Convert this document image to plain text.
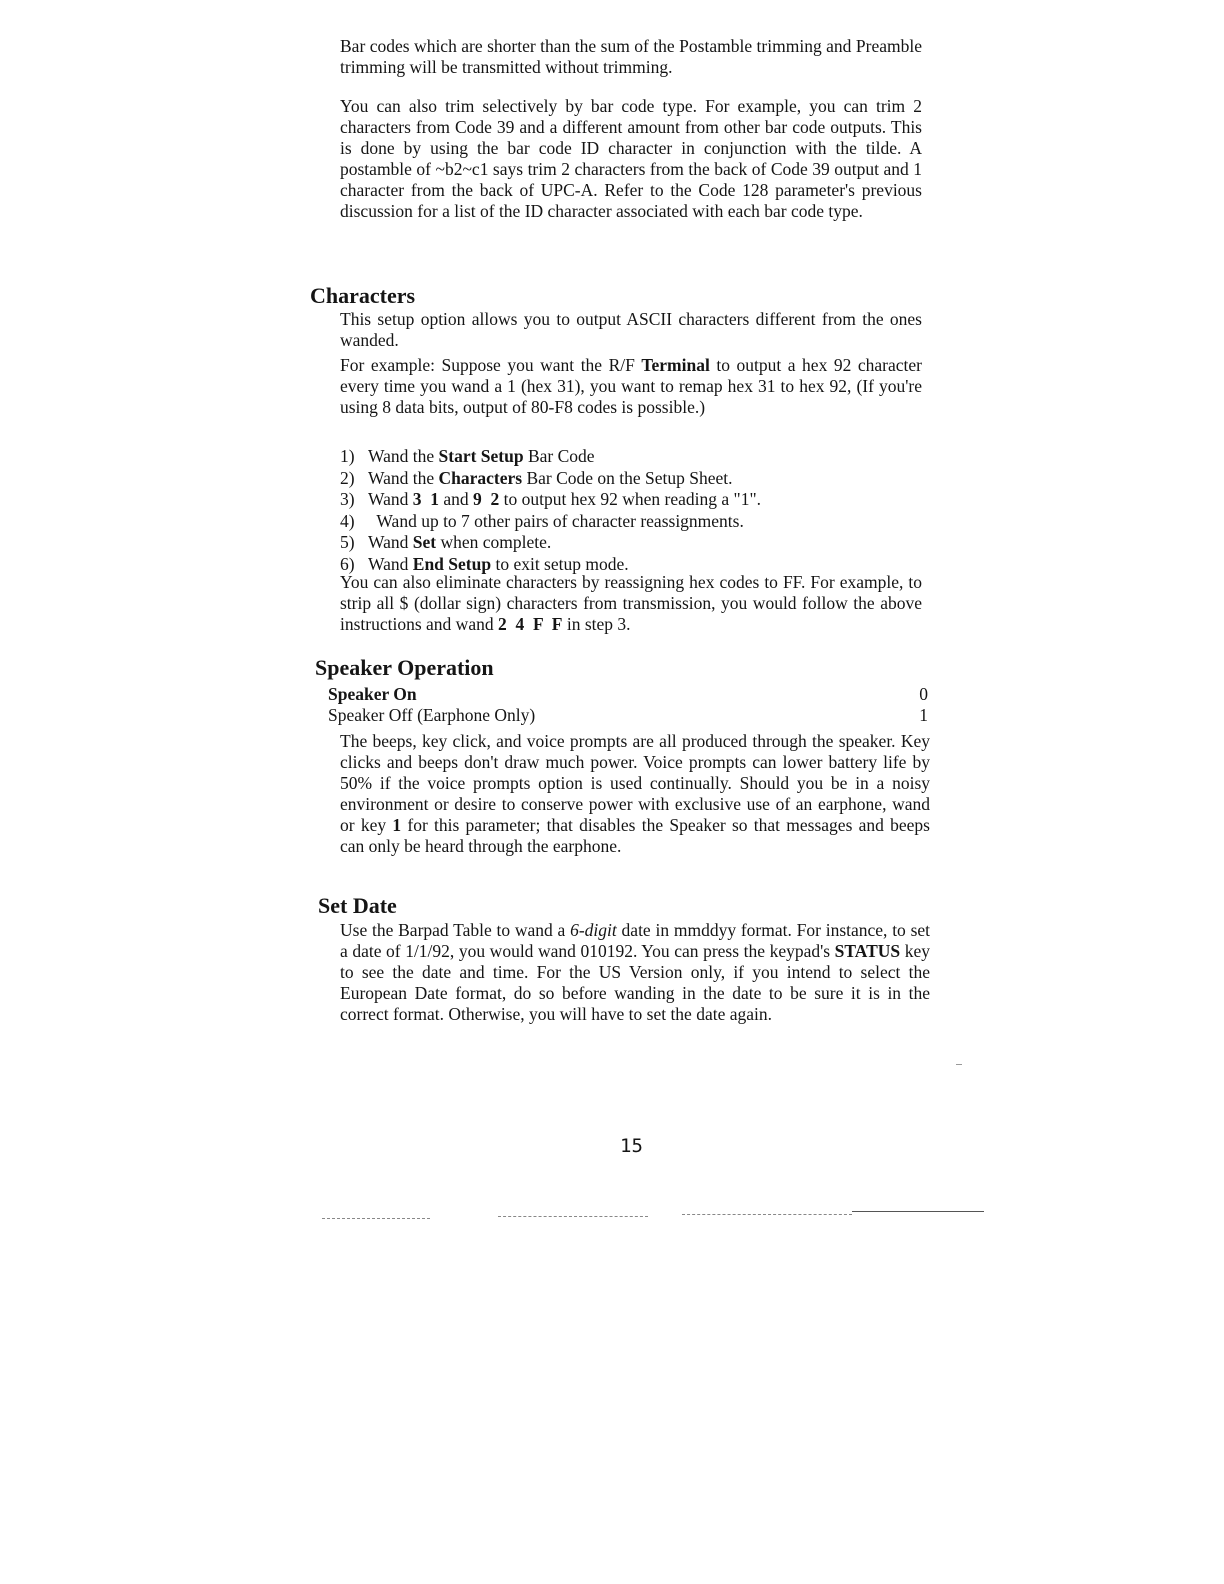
Bar codes which are shorter than the sum of the Postamble trimming and Preamble trimming will be transmitted without trimming.

You can also trim selectively by bar code type. For example, you can trim 2 characters from Code 39 and a different amount from other bar code outputs. This is done by using the bar code ID character in conjunction with the tilde. A postamble of ~b2~c1 says trim 2 characters from the back of Code 39 output and 1 character from the back of UPC-A. Refer to the Code 128 parameter's previous discussion for a list of the ID character associated with each bar code type.

Characters

This setup option allows you to output ASCII characters different from the ones wanded.

For example: Suppose you want the R/F Terminal to output a hex 92 character every time you wand a 1 (hex 31), you want to remap hex 31 to hex 92, (If you're using 8 data bits, output of 80-F8 codes is possible.)

1) Wand the Start Setup Bar Code
2) Wand the Characters Bar Code on the Setup Sheet.
3) Wand 3  1 and 9  2 to output hex 92 when reading a "1".
4)  Wand up to 7 other pairs of character reassignments.
5) Wand Set when complete.
6) Wand End Setup to exit setup mode.

You can also eliminate characters by reassigning hex codes to FF. For example, to strip all $ (dollar sign) characters from transmission, you would follow the above instructions and wand 2  4  F  F in step 3.

Speaker Operation
Speaker On	0
Speaker Off (Earphone Only)	1

The beeps, key click, and voice prompts are all produced through the speaker. Key clicks and beeps don't draw much power. Voice prompts can lower battery life by 50% if the voice prompts option is used continually. Should you be in a noisy environment or desire to conserve power with exclusive use of an earphone, wand or key 1 for this parameter; that disables the Speaker so that messages and beeps can only be heard through the earphone.

Set Date

Use the Barpad Table to wand a 6-digit date in mmddyy format. For instance, to set a date of 1/1/92, you would wand 010192. You can press the keypad's STATUS key to see the date and time. For the US Version only, if you intend to select the European Date format, do so before wanding in the date to be sure it is in the correct format. Otherwise, you will have to set the date again.

15
